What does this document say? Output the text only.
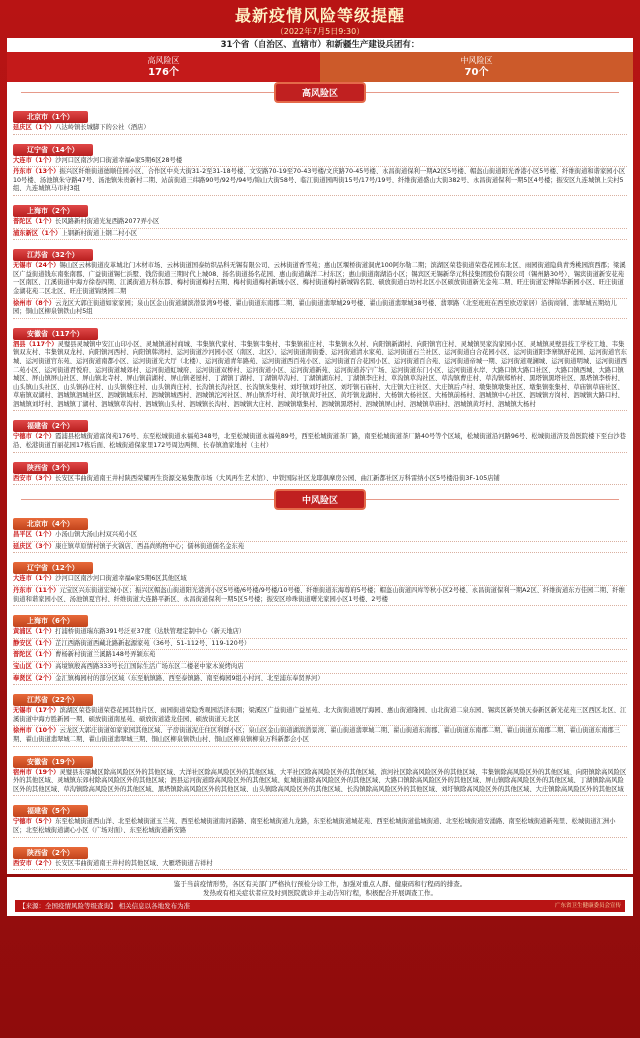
最新疫情风险等级提醒
（2022年7月5日9:30）
31个省（自治区、直辖市）和新疆生产建设兵团有：
高风险区
176个
中风险区
70个
高风险区
北京市（1个）
延庆区（1个）八达岭镇长城脚下的公社（酒店）
辽宁省（14个）
大连市（1个）沙河口区南沙河口街道幸福e家5期6区28号楼
丹东市（13个）振兴区纤维街道德顺佳园小区、合作区中央大街31-2至31-18号楼、文安路70-19至70-43号楼/文庆路70-45号楼、永昌街道保利一期A2区5号楼、帽盔山街道阳光香港小区5号楼、纤维街道和谐家园小区10号楼、汤池镇朱守路47号、汤池镇朱贵新村二期、站前街道三纬路90号/92号/94号/锦山大街58号、临江街道园两街15号/17号/19号、纤维街道盛山大街382号、永昌街道保利一期5区4号楼；振安区九连城镇上尖村5组、九连城镇马市村3组
上海市（2个）
普陀区（1个）长风路新村街道光复西路2077弄小区
浦东新区（1个）上钢新村街道上钢二村小区
江苏省（32个）
无锡市（24个）锡山区云林街道皮革城北门木材市场、云林街道国泰纺织品科无锡有限公司、云林街道香雪苑；惠山区堰桥街道洞虎100阿尔勒二期；滨湖区荣巷街道荣巷花园东北区、雨园街道隐典青秀桃园滨西郡；梁溪区广益街道钱东南张南郡、广益街道锡仁浜墅、钱岱街道三期时代上城08、扬名街道扬名花园、惠山街道藕洋二村东区；惠山街道南湖沿小区；锡宾区无锡新华元科技集团股份有限公司（锡州路30号）、锡宾街道新安花苑一区南区、江溪街道中海方徐卷四期、江溪街道万科东都、梅村街道梅村五期、梅村街道梅村新城小区、梅村街道梅村新城锦名院、硕放街道白坊村北区小区硕放街道新光金苑二期、旺庄街道宏博锦华新园小区、旺庄街道金湖花苑二区北区、旺庄街道锦绣园二期
徐州市（8个）云龙区大郭庄街道如家家园；泉山区金山街道湖滨潜景湾9号楼、翟山街道东南郡二期、翟山街道翡翠城29号楼、翟山街道翡翠城38号楼、翡翠路（北至班班在西至欧迈家居）沿街商铺、翡翠城五期幼儿园；铜山区柳泉镇铁山村5组
安徽省（117个）
泗县（117个）灵璧县灵城镇中安江山印小区、灵城镇道村商城、韦集镇代家村、韦集镇韦集村、韦集镇崔庄村、韦集镇永久村、向阳镇新湖村、向阳镇官庄村、灵城镇吴家沟家园小区、灵城镇灵壁县技工学校工地、韦集镇双友村、韦集镇双龙村、向阳镇河西村、向阳镇韩湾村、运河街道沙河园小区（南区、北区）、运河街道南街委、运河街道清水家苑、运河街道石兰社区、运河街道白合花园小区、运河街道阳李寨镇舒花园、运河街道官东城、运河街道官东苑、运河街道南都小区、运河街道光大厅（北楼）、运河街道青年路苑、运河街道西百苑小区、运河街道百合花园小区、运河街道百合苑、运河街道帝城一期、运河街道观澜城、运河街道明城、运河街道西二苑小区、运河街道君悦府、运河街道城郊村、运河街道虹城府、运河街道双桥村、运河街道小区、运河街道新苑、运河街道苏宁广场、运河街道东门小区、运河街道水岸、大路口镇大路口社区、大路口镇西城、大路口镇城区、屏山镇屏山社区、屏山镇北寺村、屏山镇前湖村、屏山镇老屋村、丁湖镇丁湖村、丁湖镇草沟村、丁湖镇湖东村、丁湖镇李庄村、草沟镇草沟社区、草沟镇曹庄村、草沟镇郑桥村、黑塔镇黑塔社区、黑塔镇李桥村、山头镇山头社区、山头镇孙庄村、山头镇蔡庄村、山头镇尚庄村、长沟镇长沟社区、长沟镇朱集村、刘圩镇刘圩社区、刘圩镇石庙村、大庄镇大庄社区、大庄镇后卢村、墩集镇墩集社区、墩集镇张集村、草庙镇草庙社区、草庙镇双湖村、泗城镇泗城社区、泗城镇城东村、泗城镇城西村、泗城镇沱河社区、屏山镇乔圩村、黄圩镇黄圩社区、黄圩镇龙湖村、大杨镇大杨社区、大杨镇前杨村、泗城镇中心社区、泗城镇方岗村、泗城镇大路口村、泗城镇刘圩村、泗城镇丁湖村、泗城镇草沟村、泗城镇山头村、泗城镇长沟村、泗城镇大庄村、泗城镇墩集村、泗城镇黑塔村、泗城镇屏山村、泗城镇草庙村、泗城镇黄圩村、泗城镇大杨村
福建省（2个）
宁德市（2个）霞浦县松城街道富岗苑176号、东至松城街道永福苑348号，北至松城街道永福苑89号，西至松城街道茶厂路，南至松城街道茶厂路40号等个区域，松城街道沿河路96号、松城街道济及兽医院楼下至白沙巷沿、松港街道百丽花园17栋后面、松城街道保家里172号周边两侧、长春镇渔家地村（主村）
陕西省（3个）
西安市（3个）长安区韦曲街道南王井村陕西荣耀再生资源交易集散市场（大风再生艺术馆）、中铁国际社区龙耶俱摩房公园、曲江新都社区万科雷纳小区5号楼沿街3F-105店铺
中风险区
北京市（4个）
昌平区（1个）小汤山镇大汤山村双兴苑小区
延庆区（3个）康庄镇草原情村镇子火锅店、西品尚购物中心；儒林街道儒名金东苑
辽宁省（12个）
大连市（1个）沙河口区南沙河口街道幸福e家5期6区其他区域
丹东市（11个）元宝区兴东街道宏城小区；振兴区帽盔山街道阳光港湾小区5号楼/6号楼/9号楼/10号楼、纤维街道东海尊府5号楼；帽盔山街道四库等秋小区2号楼、永昌街道保利一期A2区、纤维街道东方佳园二期、纤维街道和谐家园小区、汤池镇夏宫村、纤维街道大连路平新区、永昌街道保利一期5区5号楼；振安区珍珠街道曙光家园小区1号楼、2号楼
上海市（6个）
黄浦区（1个）打浦桥街道瑞东路391号泛亚37度（达肤管理定制中心（新天地店）
静安区（1个）芷江西路街道西藏北路新起源家苑（36号、51-112号、119-120号）
普陀区（1个）曹杨新村街道兰溪路148号弄颍东苑
宝山区（1个）高境镇殷高西路333号长江国际生活广场东区二楼老中家木炭烤肉店
奉贤区（2个）金汇镇梅园村的部分区域（东至航镇路、西至泰镇路、南至梅园9组小村河、北至浦东奉贤界河）
江苏省（22个）
无锡市（17个）滨湖区荣巷街道荣巷花园其他片区、雨园街道荣隐秀观园活济东圈；梁溪区广益街道广益星苑、北大街街道展厅海园、惠山街道隆园、山北街道二泉东园、锡宾区新吴镇天泰新区新光花苑三区西区北区、江溪街道中海方胜新园一期、硕放街道南星苑、硕放街道港龙佳园、硕放街道天北区
徐州市（10个）云龙区大郭庄街道如家家园其他区域、子房街道泥庄住区利群小区；泉山区金山街道湖滨潜景湾、翟山街道翡翠城二期、翟山街道东南郡、翟山街道东南郡二期、翟山街道东南郡二期、翟山街道东南郡三期、翟山街道翡翠城二期、翟山街道翡翠城三期、铜山区柳泉镇铁山村、铜山区柳泉镇柳泉万科新都会小区
安徽省（19个）
宿州市（19个）灵璧县东鼎城区除高风险区外的其他区域、大洋社区除高风险区外的其他区域、大平社区除高风险区外的其他区域、滨河社区除高风险区外的其他区域、韦集镇除高风险区外的其他区域、向阳镇除高风险区外的其他区域、灵城镇东郊村除高风险区外的其他区域；泗县运河街道除高风险区外的其他区域、虹城街道除高风险区外的其他区域、大路口镇除高风险区外的其他区域、屏山镇除高风险区外的其他区域、丁湖镇除高风险区外的其他区域、草沟镇除高风险区外的其他区域、黑塔镇除高风险区外的其他区域、山头镇除高风险区外的其他区域、长沟镇除高风险区外的其他区域、刘圩镇除高风险区外的其他区域、大庄镇除高风险区外的其他区域
福建省（5个）
宁德市（5个）东至松城街道西山洋、北至松城街道玉兰苑、西至松城街道南河游路、南至松城街道九龙路，东至松城街道城花苑、西至松城街道盐城街道、北至松城街道安涌路、南至松城街道新苑里、松城街道汇洲小区；北至松城街道湖心小区（广场对面）、东至松城街道新安路
陕西省（2个）
西安市（2个）长安区韦曲街道南王井村的其他区域、大雁塔街道吉祥村
鉴于当前疫情形势，各区有关部门严格执行预检分诊工作，加强对重点人群、健康码和行程码的排查。
发热或有相关症状者应及时到医院就诊并主动告知行程，积极配合开展调查工作。
【来源：全国疫情风险等级查询】 相关信息以各地发布为准	广东省卫生健康委员会宣传
